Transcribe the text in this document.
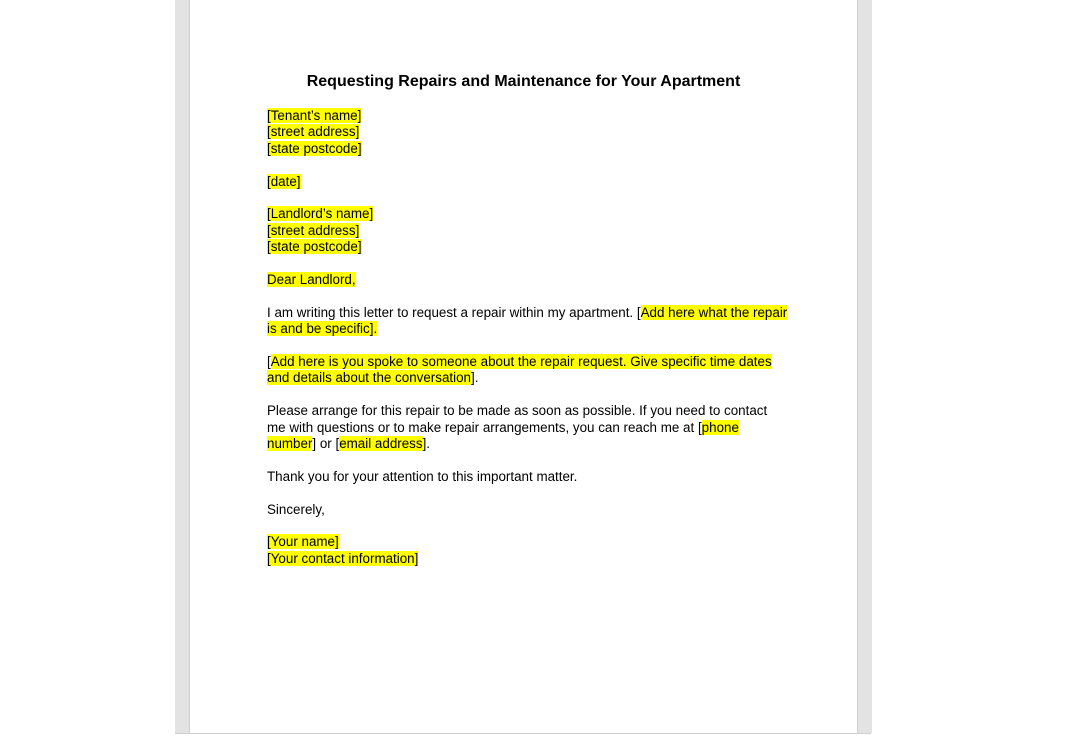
Requesting Repairs and Maintenance for Your Apartment
[Tenant’s name]
[street address]
[state postcode]
[date]
[Landlord’s name]
[street address]
[state postcode]
Dear Landlord,
I am writing this letter to request a repair within my apartment. [Add here what the repair
is and be specific].
[Add here is you spoke to someone about the repair request. Give specific time dates
and details about the conversation].
Please arrange for this repair to be made as soon as possible. If you need to contact
me with questions or to make repair arrangements, you can reach me at [phone
number] or [email address].
Thank you for your attention to this important matter.
Sincerely,
[Your name]
[Your contact information]
